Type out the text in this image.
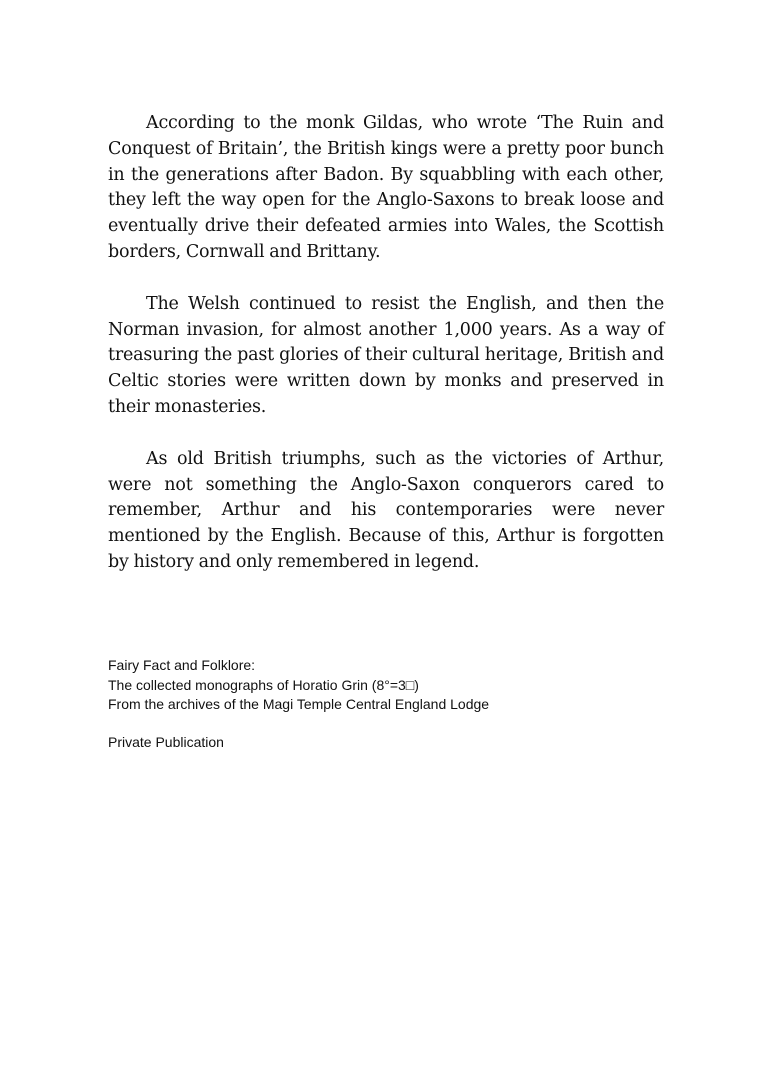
According to the monk Gildas, who wrote ‘The Ruin and Conquest of Britain’, the British kings were a pretty poor bunch in the generations after Badon. By squabbling with each other, they left the way open for the Anglo-Saxons to break loose and eventually drive their defeated armies into Wales, the Scottish borders, Cornwall and Brittany.

The Welsh continued to resist the English, and then the Norman invasion, for almost another 1,000 years. As a way of treasuring the past glories of their cultural heritage, British and Celtic stories were written down by monks and preserved in their monasteries.

As old British triumphs, such as the victories of Arthur, were not something the Anglo-Saxon conquerors cared to remember, Arthur and his contemporaries were never mentioned by the English. Because of this, Arthur is forgotten by history and only remembered in legend.

Fairy Fact and Folklore:
The collected monographs of Horatio Grin (8°=3□)
From the archives of the Magi Temple Central England Lodge
Private Publication
